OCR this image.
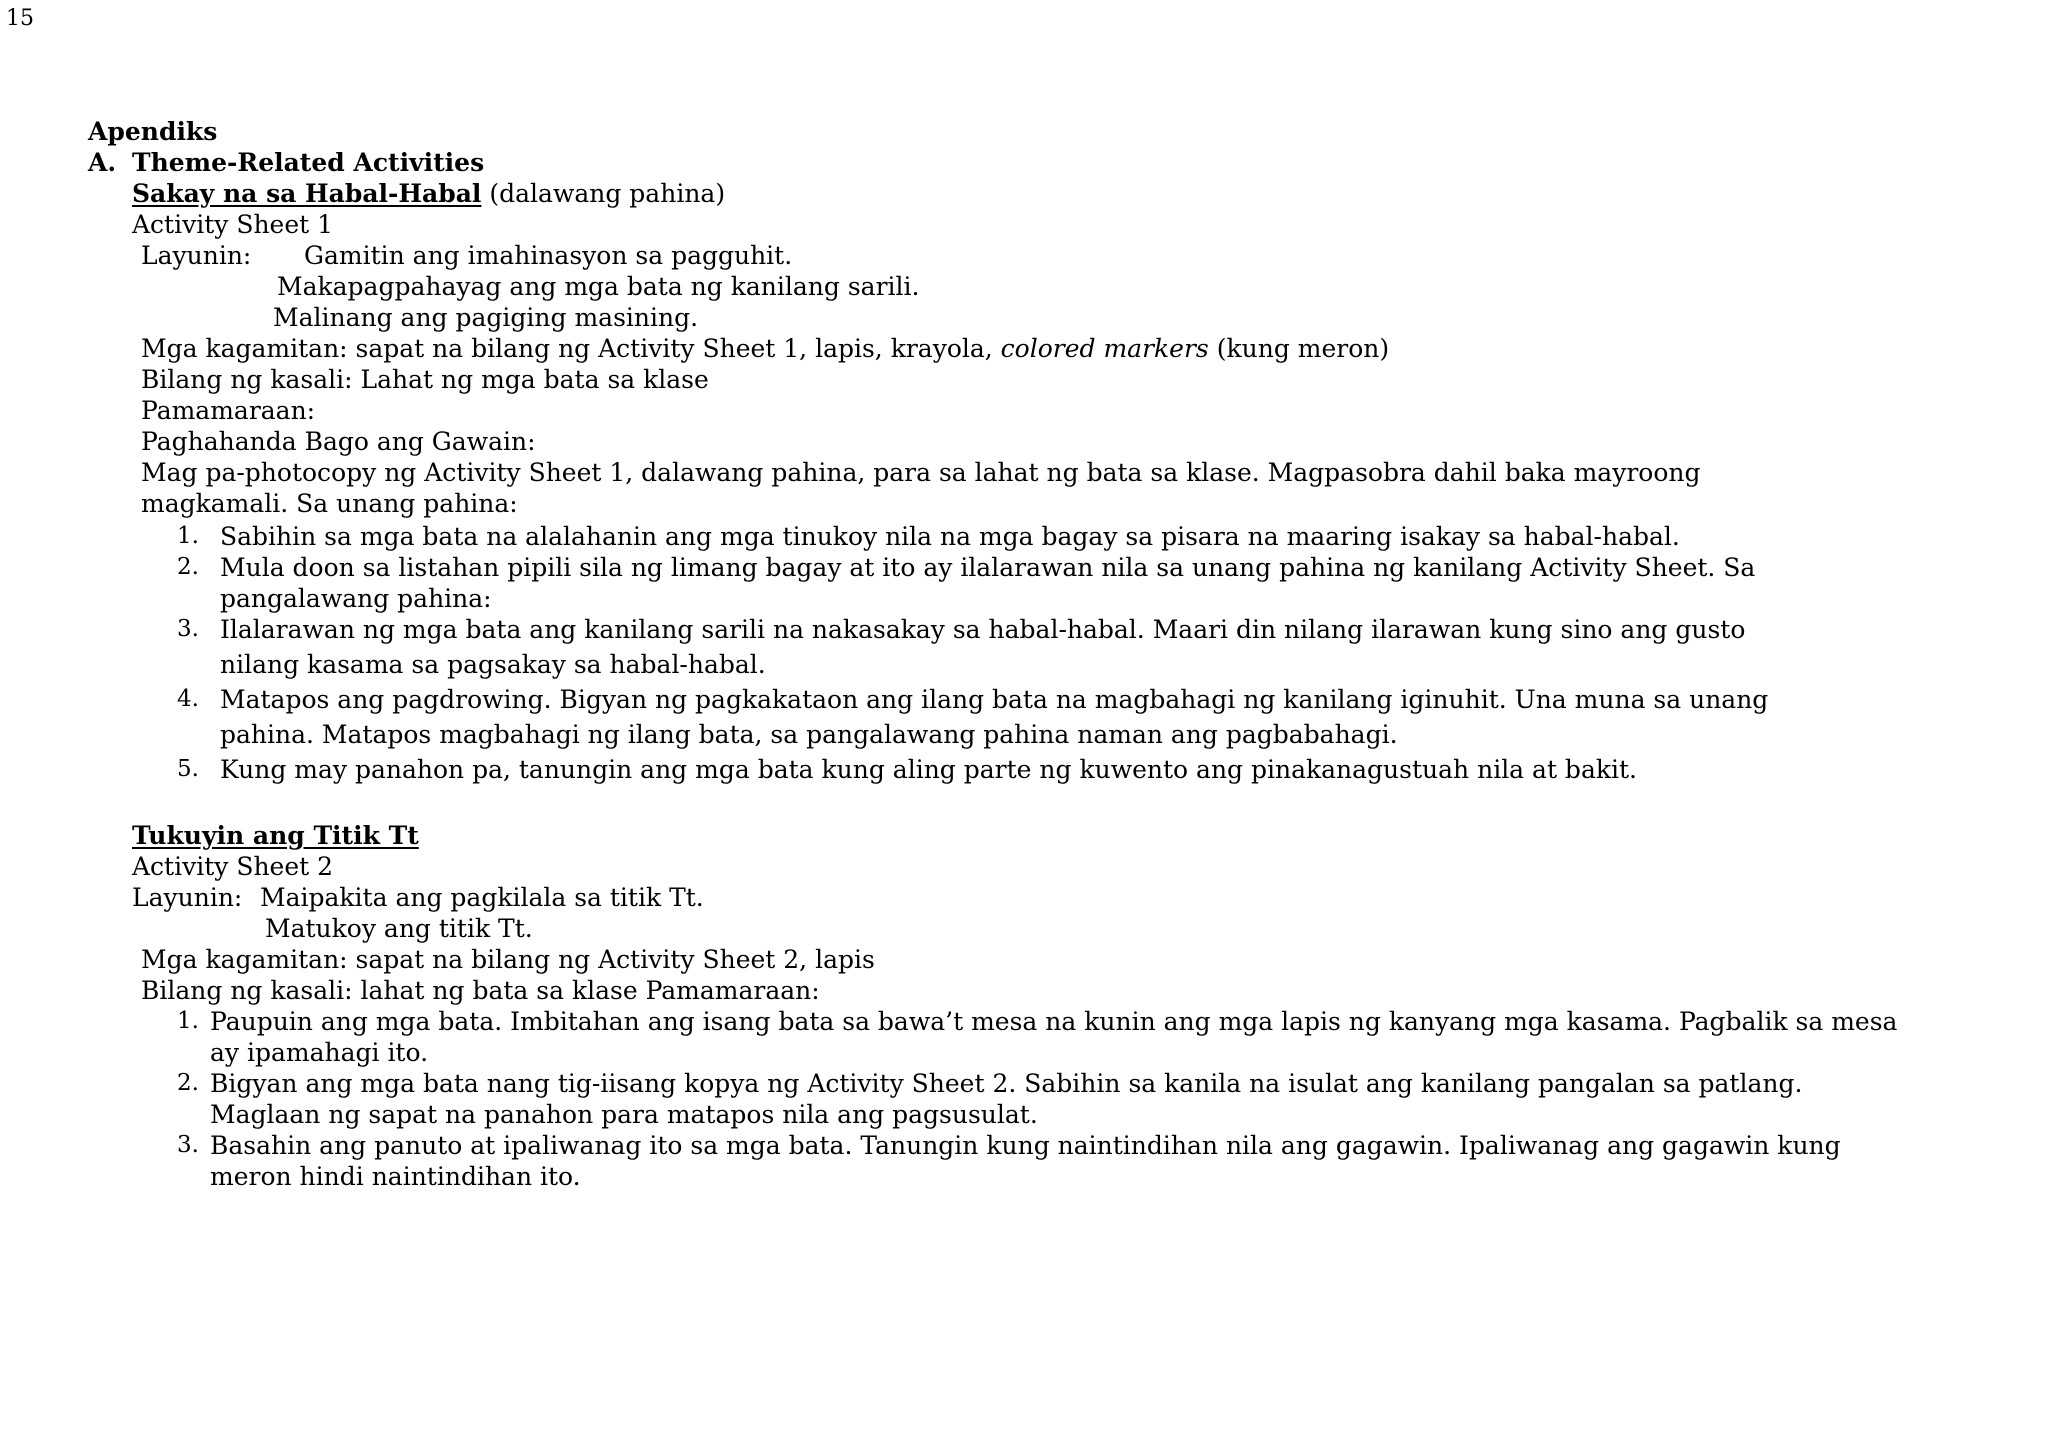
15
Apendiks
A. Theme-Related Activities
Sakay na sa Habal-Habal (dalawang pahina)
Activity Sheet 1
Layunin: Gamitin ang imahinasyon sa pagguhit.
Makapagpahayag ang mga bata ng kanilang sarili.
Malinang ang pagiging masining.
Mga kagamitan: sapat na bilang ng Activity Sheet 1, lapis, krayola, colored markers (kung meron)
Bilang ng kasali: Lahat ng mga bata sa klase
Pamamaraan:
Paghahanda Bago ang Gawain:
Mag pa-photocopy ng Activity Sheet 1, dalawang pahina, para sa lahat ng bata sa klase. Magpasobra dahil baka mayroong
magkamali. Sa unang pahina:
1. Sabihin sa mga bata na alalahanin ang mga tinukoy nila na mga bagay sa pisara na maaring isakay sa habal-habal.
2. Mula doon sa listahan pipili sila ng limang bagay at ito ay ilalarawan nila sa unang pahina ng kanilang Activity Sheet. Sa
pangalawang pahina:
3. Ilalarawan ng mga bata ang kanilang sarili na nakasakay sa habal-habal. Maari din nilang ilarawan kung sino ang gusto
nilang kasama sa pagsakay sa habal-habal.
4. Matapos ang pagdrowing. Bigyan ng pagkakataon ang ilang bata na magbahagi ng kanilang iginuhit. Una muna sa unang
pahina. Matapos magbahagi ng ilang bata, sa pangalawang pahina naman ang pagbabahagi.
5. Kung may panahon pa, tanungin ang mga bata kung aling parte ng kuwento ang pinakanagustuah nila at bakit.
Tukuyin ang Titik Tt
Activity Sheet 2
Layunin: Maipakita ang pagkilala sa titik Tt.
Matukoy ang titik Tt.
Mga kagamitan: sapat na bilang ng Activity Sheet 2, lapis
Bilang ng kasali: lahat ng bata sa klase Pamamaraan:
1. Paupuin ang mga bata. Imbitahan ang isang bata sa bawa’t mesa na kunin ang mga lapis ng kanyang mga kasama. Pagbalik sa mesa
ay ipamahagi ito.
2. Bigyan ang mga bata nang tig-iisang kopya ng Activity Sheet 2. Sabihin sa kanila na isulat ang kanilang pangalan sa patlang.
Maglaan ng sapat na panahon para matapos nila ang pagsusulat.
3. Basahin ang panuto at ipaliwanag ito sa mga bata. Tanungin kung naintindihan nila ang gagawin. Ipaliwanag ang gagawin kung
meron hindi naintindihan ito.
